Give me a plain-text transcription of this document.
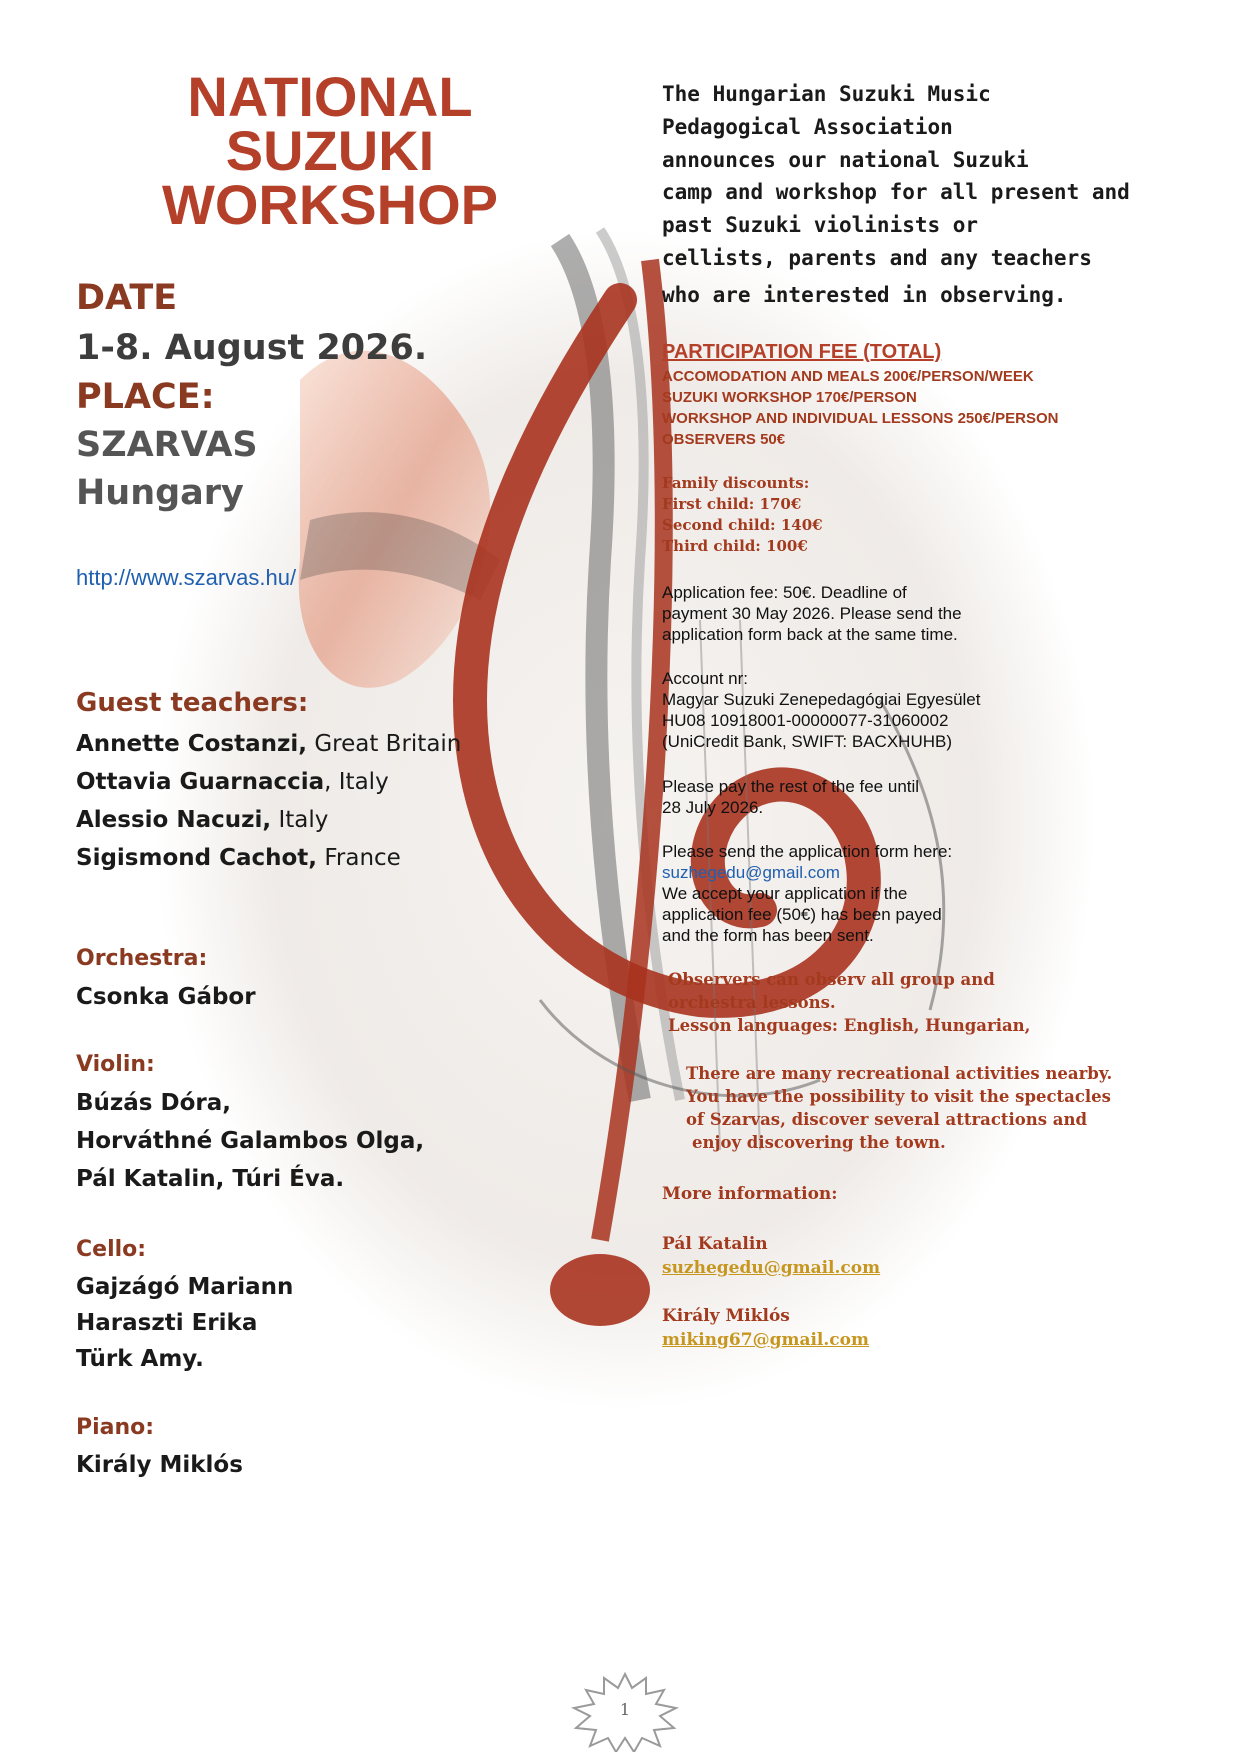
NATIONAL
SUZUKI
WORKSHOP
DATE
1-8. August 2026.
PLACE:
SZARVAS
Hungary
http://www.szarvas.hu/
Guest teachers:
Annette Costanzi, Great Britain
Ottavia Guarnaccia, Italy
Alessio Nacuzi, Italy
Sigismond Cachot, France
Orchestra:
Csonka Gábor
Violin:
Búzás Dóra,
Horváthné Galambos Olga,
Pál Katalin, Túri Éva.
Cello:
Gajzágó Mariann
Haraszti Erika
Türk Amy.
Piano:
Király Miklós
The Hungarian Suzuki Music
Pedagogical Association
announces our national Suzuki
camp and workshop for all present and
past Suzuki violinists or
cellists, parents and any teachers
who are interested in observing.
PARTICIPATION FEE (TOTAL)
ACCOMODATION AND MEALS 200€/PERSON/WEEK
SUZUKI WORKSHOP 170€/PERSON
WORKSHOP AND INDIVIDUAL LESSONS 250€/PERSON
OBSERVERS 50€
Family discounts:
First child: 170€
Second child: 140€
Third child: 100€
Application fee: 50€. Deadline of
payment 30 May 2026. Please send the
application form back at the same time.
Account nr:
Magyar Suzuki Zenepedagógiai Egyesület
HU08 10918001-00000077-31060002
(UniCredit Bank, SWIFT: BACXHUHB)
Please pay the rest of the fee until
28 July 2026.
Please send the application form here:
suzhegedu@gmail.com
We accept your application if the
application fee (50€) has been payed
and the form has been sent.
Observers can observ all group and
orchestra lessons.
Lesson languages: English, Hungarian,
There are many recreational activities nearby.
You have the possibility to visit the spectacles
of Szarvas, discover several attractions and
enjoy discovering the town.
More information:
Pál Katalin
suzhegedu@gmail.com
Király Miklós
miking67@gmail.com
1
